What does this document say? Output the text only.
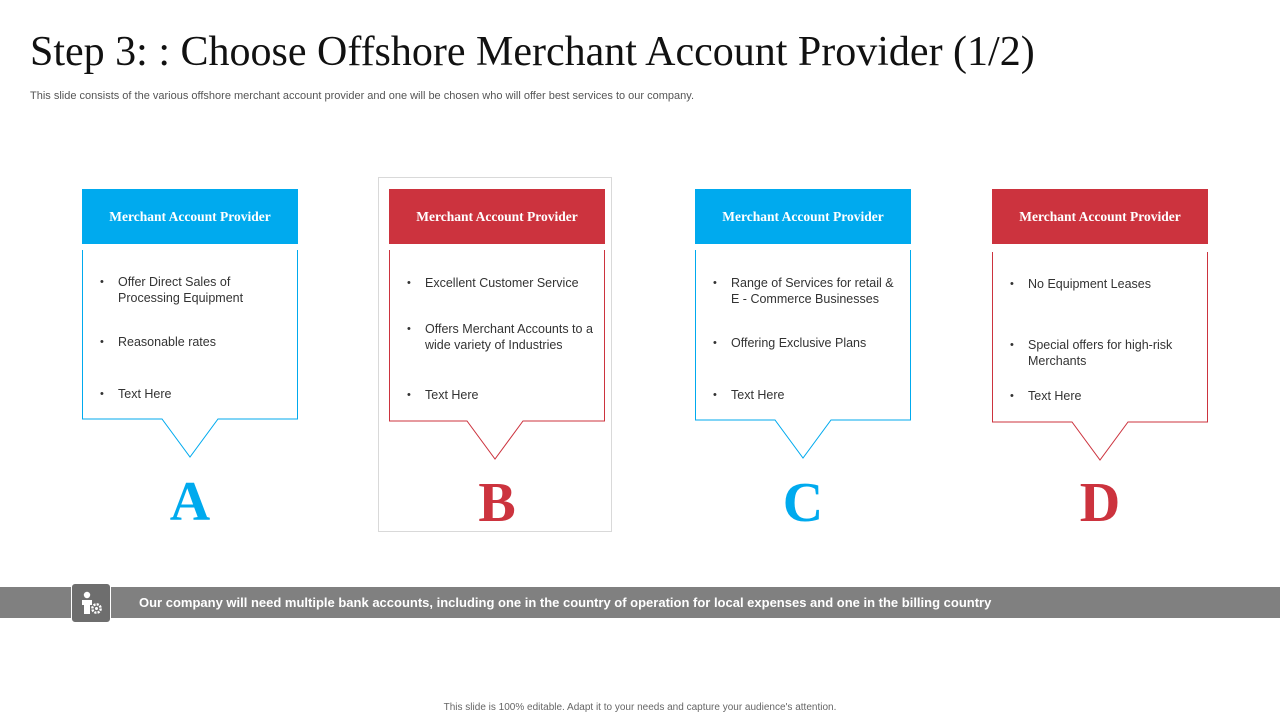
Step 3: : Choose Offshore Merchant Account Provider (1/2)
This slide consists of the various offshore merchant account provider and one will be chosen who will offer best services to our company.
Merchant Account Provider
• Offer Direct Sales of Processing Equipment
• Reasonable rates
• Text Here
A
Merchant Account Provider
• Excellent Customer Service
• Offers Merchant Accounts to a wide variety of Industries
• Text Here
B
Merchant Account Provider
• Range of Services for retail & E - Commerce Businesses
• Offering Exclusive Plans
• Text Here
C
Merchant Account Provider
• No Equipment Leases
• Special offers for high-risk Merchants
• Text Here
D
Our company will need multiple bank accounts, including one in the country of operation for local expenses and one in the billing country
This slide is 100% editable. Adapt it to your needs and capture your audience's attention.
